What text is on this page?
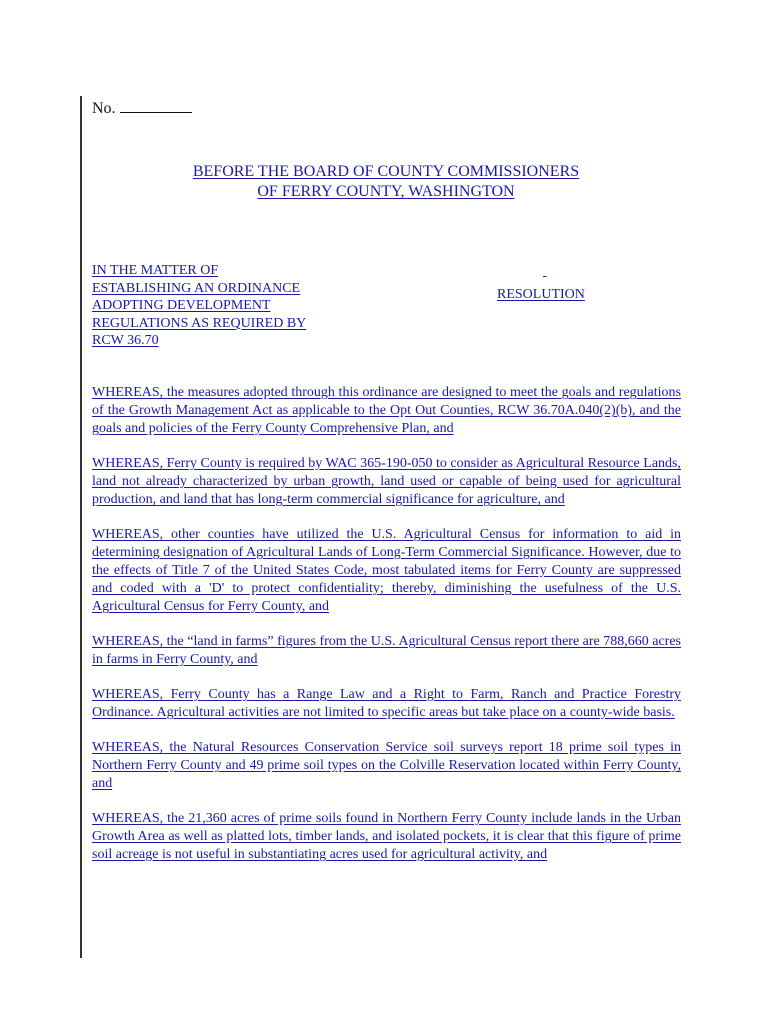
No.
BEFORE THE BOARD OF COUNTY COMMISSIONERS
OF FERRY COUNTY, WASHINGTON
IN THE MATTER OF
ESTABLISHING AN ORDINANCE
ADOPTING DEVELOPMENT
REGULATIONS AS REQUIRED BY
RCW 36.70

RESOLUTION

WHEREAS, the measures adopted through this ordinance are designed to meet the goals and regulations of the Growth Management Act as applicable to the Opt Out Counties, RCW 36.70A.040(2)(b), and the goals and policies of the Ferry County Comprehensive Plan, and

WHEREAS, Ferry County is required by WAC 365-190-050 to consider as Agricultural Resource Lands, land not already characterized by urban growth, land used or capable of being used for agricultural production, and land that has long-term commercial significance for agriculture, and

WHEREAS, other counties have utilized the U.S. Agricultural Census for information to aid in determining designation of Agricultural Lands of Long-Term Commercial Significance. However, due to the effects of Title 7 of the United States Code, most tabulated items for Ferry County are suppressed and coded with a 'D' to protect confidentiality; thereby, diminishing the usefulness of the U.S. Agricultural Census for Ferry County, and

WHEREAS, the “land in farms” figures from the U.S. Agricultural Census report there are 788,660 acres in farms in Ferry County, and

WHEREAS, Ferry County has a Range Law and a Right to Farm, Ranch and Practice Forestry Ordinance. Agricultural activities are not limited to specific areas but take place on a county-wide basis.

WHEREAS, the Natural Resources Conservation Service soil surveys report 18 prime soil types in Northern Ferry County and 49 prime soil types on the Colville Reservation located within Ferry County, and

WHEREAS, the 21,360 acres of prime soils found in Northern Ferry County include lands in the Urban Growth Area as well as platted lots, timber lands, and isolated pockets, it is clear that this figure of prime soil acreage is not useful in substantiating acres used for agricultural activity, and
